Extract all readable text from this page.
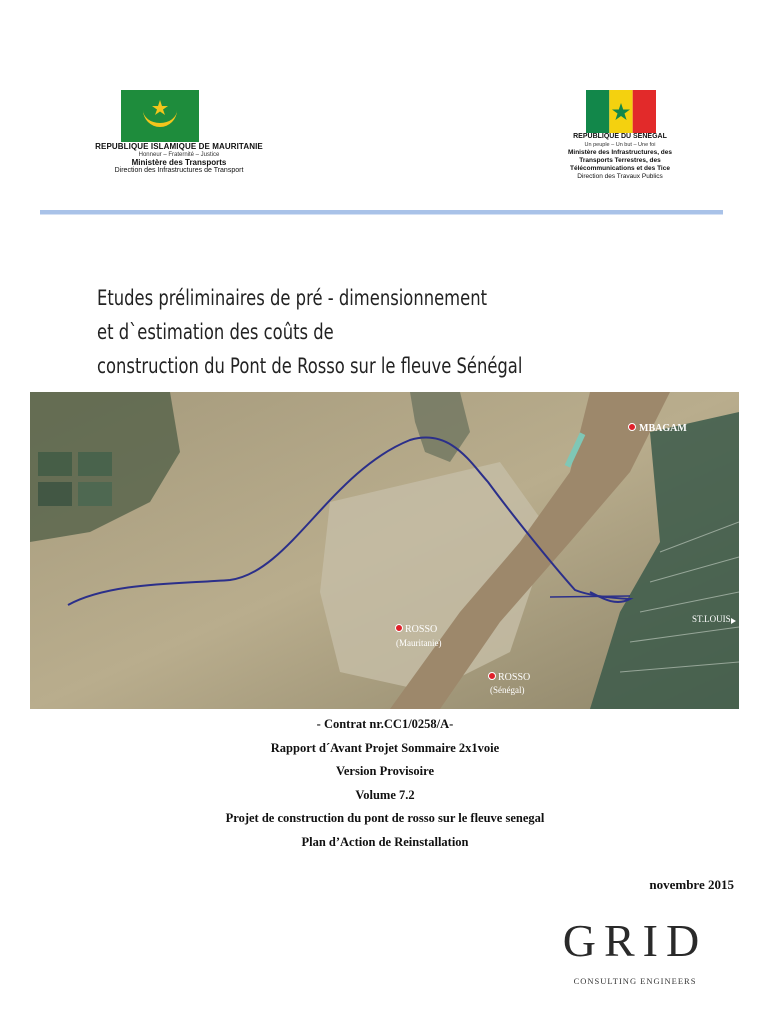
REPUBLIQUE ISLAMIQUE DE MAURITANIE
Honneur – Fraternité – Justice
Ministère des Transports
Direction des Infrastructures de Transport
REPUBLIQUE DU SENEGAL
Un peuple – Un but – Une foi
Ministère des Infrastructures, des
Transports Terrestres, des
Télécommunications et des Tice
Direction des Travaux Publics
Etudes préliminaires de pré - dimensionnement
et d`estimation des coûts de
construction du Pont de Rosso sur le fleuve Sénégal
MBAGAM
ST.LOUIS
ROSSO
(Mauritanie)
ROSSO
(Sénégal)
- Contrat nr.CC1/0258/A-
Rapport d´Avant Projet Sommaire 2x1voie
Version Provisoire
Volume 7.2
Projet de construction du pont de rosso sur le fleuve senegal
Plan d’Action de Reinstallation
novembre 2015
GRID
CONSULTING ENGINEERS
